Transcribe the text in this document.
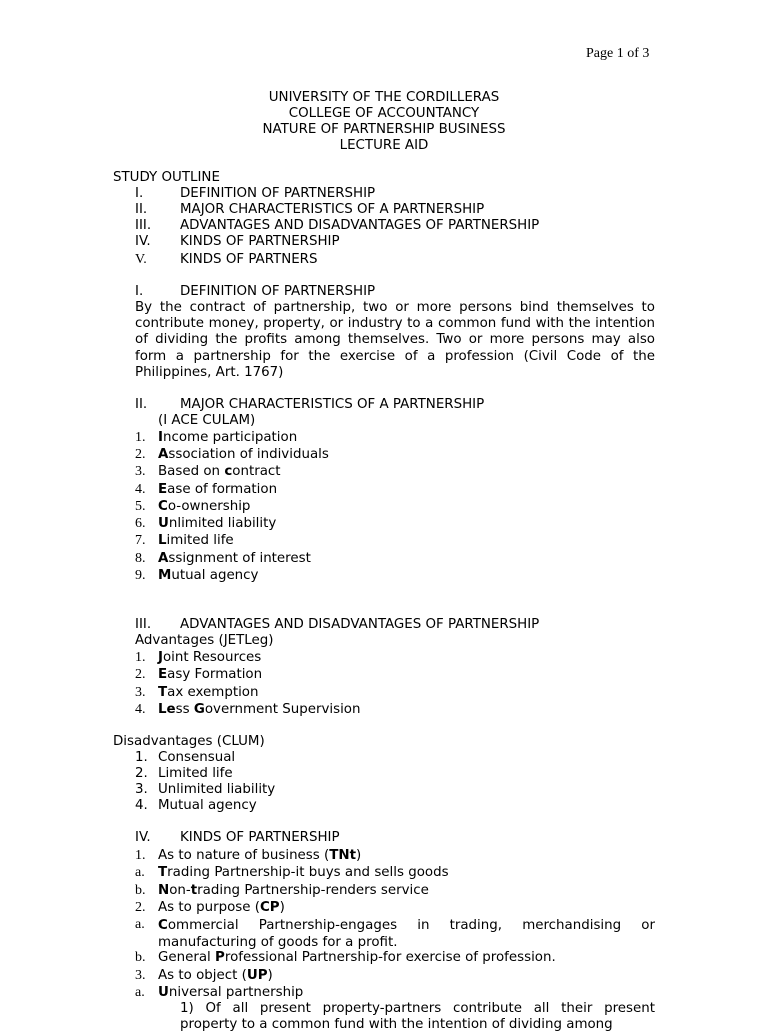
Page 1 of 3
UNIVERSITY OF THE CORDILLERAS
COLLEGE OF ACCOUNTANCY
NATURE OF PARTNERSHIP BUSINESS
LECTURE AID
STUDY OUTLINE
I.	DEFINITION OF PARTNERSHIP
II. MAJOR CHARACTERISTICS OF A PARTNERSHIP
III. ADVANTAGES AND DISADVANTAGES OF PARTNERSHIP
IV. KINDS OF PARTNERSHIP
V. KINDS OF PARTNERS
I.	DEFINITION OF PARTNERSHIP
By the contract of partnership, two or more persons bind themselves to contribute money, property, or industry to a common fund with the intention of dividing the profits among themselves. Two or more persons may also form a partnership for the exercise of a profession (Civil Code of the Philippines, Art. 1767)
II. MAJOR CHARACTERISTICS OF A PARTNERSHIP
(I ACE CULAM)
1. Income participation
2. Association of individuals
3. Based on contract
4. Ease of formation
5. Co-ownership
6. Unlimited liability
7. Limited life
8. Assignment of interest
9. Mutual agency
III. ADVANTAGES AND DISADVANTAGES OF PARTNERSHIP
Advantages (JETLeg)
1. Joint Resources
2. Easy Formation
3. Tax exemption
4. Less Government Supervision
Disadvantages (CLUM)
1. Consensual
2. Limited life
3. Unlimited liability
4. Mutual agency
IV. KINDS OF PARTNERSHIP
1. As to nature of business (TNt)
a. Trading Partnership-it buys and sells goods
b. Non-trading Partnership-renders service
2. As to purpose (CP)
a. Commercial Partnership-engages in trading, merchandising or manufacturing of goods for a profit.
b. General Professional Partnership-for exercise of profession.
3. As to object (UP)
a. Universal partnership
1) Of all present property-partners contribute all their present property to a common fund with the intention of dividing among
